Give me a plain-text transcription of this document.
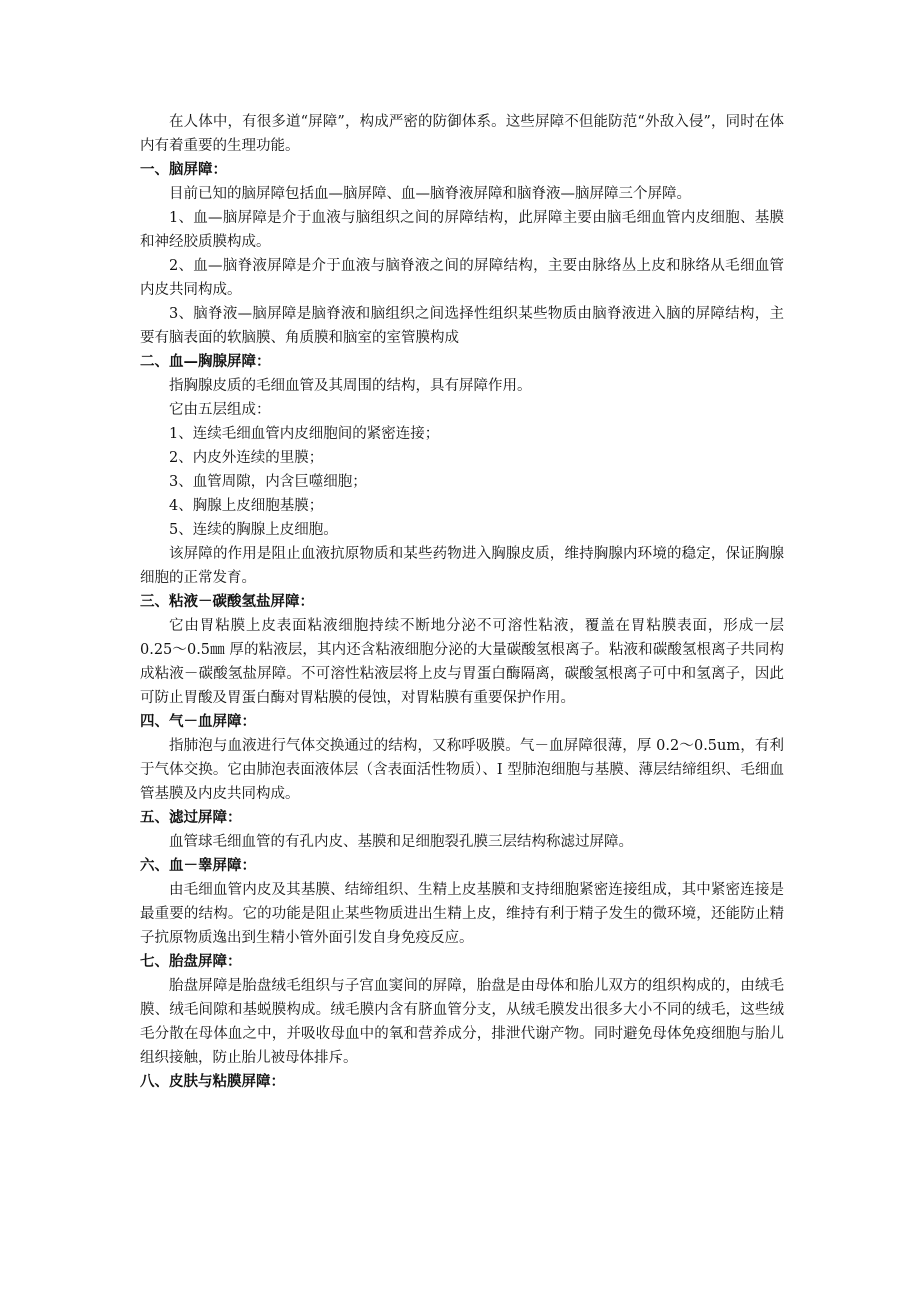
在人体中，有很多道“屏障”，构成严密的防御体系。这些屏障不但能防范“外敌入侵”，同时在体内有着重要的生理功能。

一、脑屏障：

目前已知的脑屏障包括血—脑屏障、血—脑脊液屏障和脑脊液—脑屏障三个屏障。

1、血—脑屏障是介于血液与脑组织之间的屏障结构，此屏障主要由脑毛细血管内皮细胞、基膜和神经胶质膜构成。

2、血—脑脊液屏障是介于血液与脑脊液之间的屏障结构，主要由脉络丛上皮和脉络从毛细血管内皮共同构成。

3、脑脊液—脑屏障是脑脊液和脑组织之间选择性组织某些物质由脑脊液进入脑的屏障结构，主要有脑表面的软脑膜、角质膜和脑室的室管膜构成

二、血—胸腺屏障：

指胸腺皮质的毛细血管及其周围的结构，具有屏障作用。

它由五层组成：

1、连续毛细血管内皮细胞间的紧密连接；

2、内皮外连续的里膜；

3、血管周隙，内含巨噬细胞；

4、胸腺上皮细胞基膜；

5、连续的胸腺上皮细胞。

该屏障的作用是阻止血液抗原物质和某些药物进入胸腺皮质，维持胸腺内环境的稳定，保证胸腺细胞的正常发育。

三、粘液－碳酸氢盐屏障：

它由胃粘膜上皮表面粘液细胞持续不断地分泌不可溶性粘液，覆盖在胃粘膜表面，形成一层 0.25～0.5㎜ 厚的粘液层，其内还含粘液细胞分泌的大量碳酸氢根离子。粘液和碳酸氢根离子共同构成粘液－碳酸氢盐屏障。不可溶性粘液层将上皮与胃蛋白酶隔离，碳酸氢根离子可中和氢离子，因此可防止胃酸及胃蛋白酶对胃粘膜的侵蚀，对胃粘膜有重要保护作用。

四、气－血屏障：

指肺泡与血液进行气体交换通过的结构，又称呼吸膜。气－血屏障很薄，厚 0.2～0.5um，有利于气体交换。它由肺泡表面液体层（含表面活性物质）、I 型肺泡细胞与基膜、薄层结缔组织、毛细血管基膜及内皮共同构成。

五、滤过屏障：

血管球毛细血管的有孔内皮、基膜和足细胞裂孔膜三层结构称滤过屏障。

六、血－睾屏障：

由毛细血管内皮及其基膜、结缔组织、生精上皮基膜和支持细胞紧密连接组成，其中紧密连接是最重要的结构。它的功能是阻止某些物质进出生精上皮，维持有利于精子发生的微环境，还能防止精子抗原物质逸出到生精小管外面引发自身免疫反应。

七、胎盘屏障：

胎盘屏障是胎盘绒毛组织与子宫血窦间的屏障，胎盘是由母体和胎儿双方的组织构成的，由绒毛膜、绒毛间隙和基蜕膜构成。绒毛膜内含有脐血管分支，从绒毛膜发出很多大小不同的绒毛，这些绒毛分散在母体血之中，并吸收母血中的氧和营养成分，排泄代谢产物。同时避免母体免疫细胞与胎儿组织接触，防止胎儿被母体排斥。

八、皮肤与粘膜屏障：
